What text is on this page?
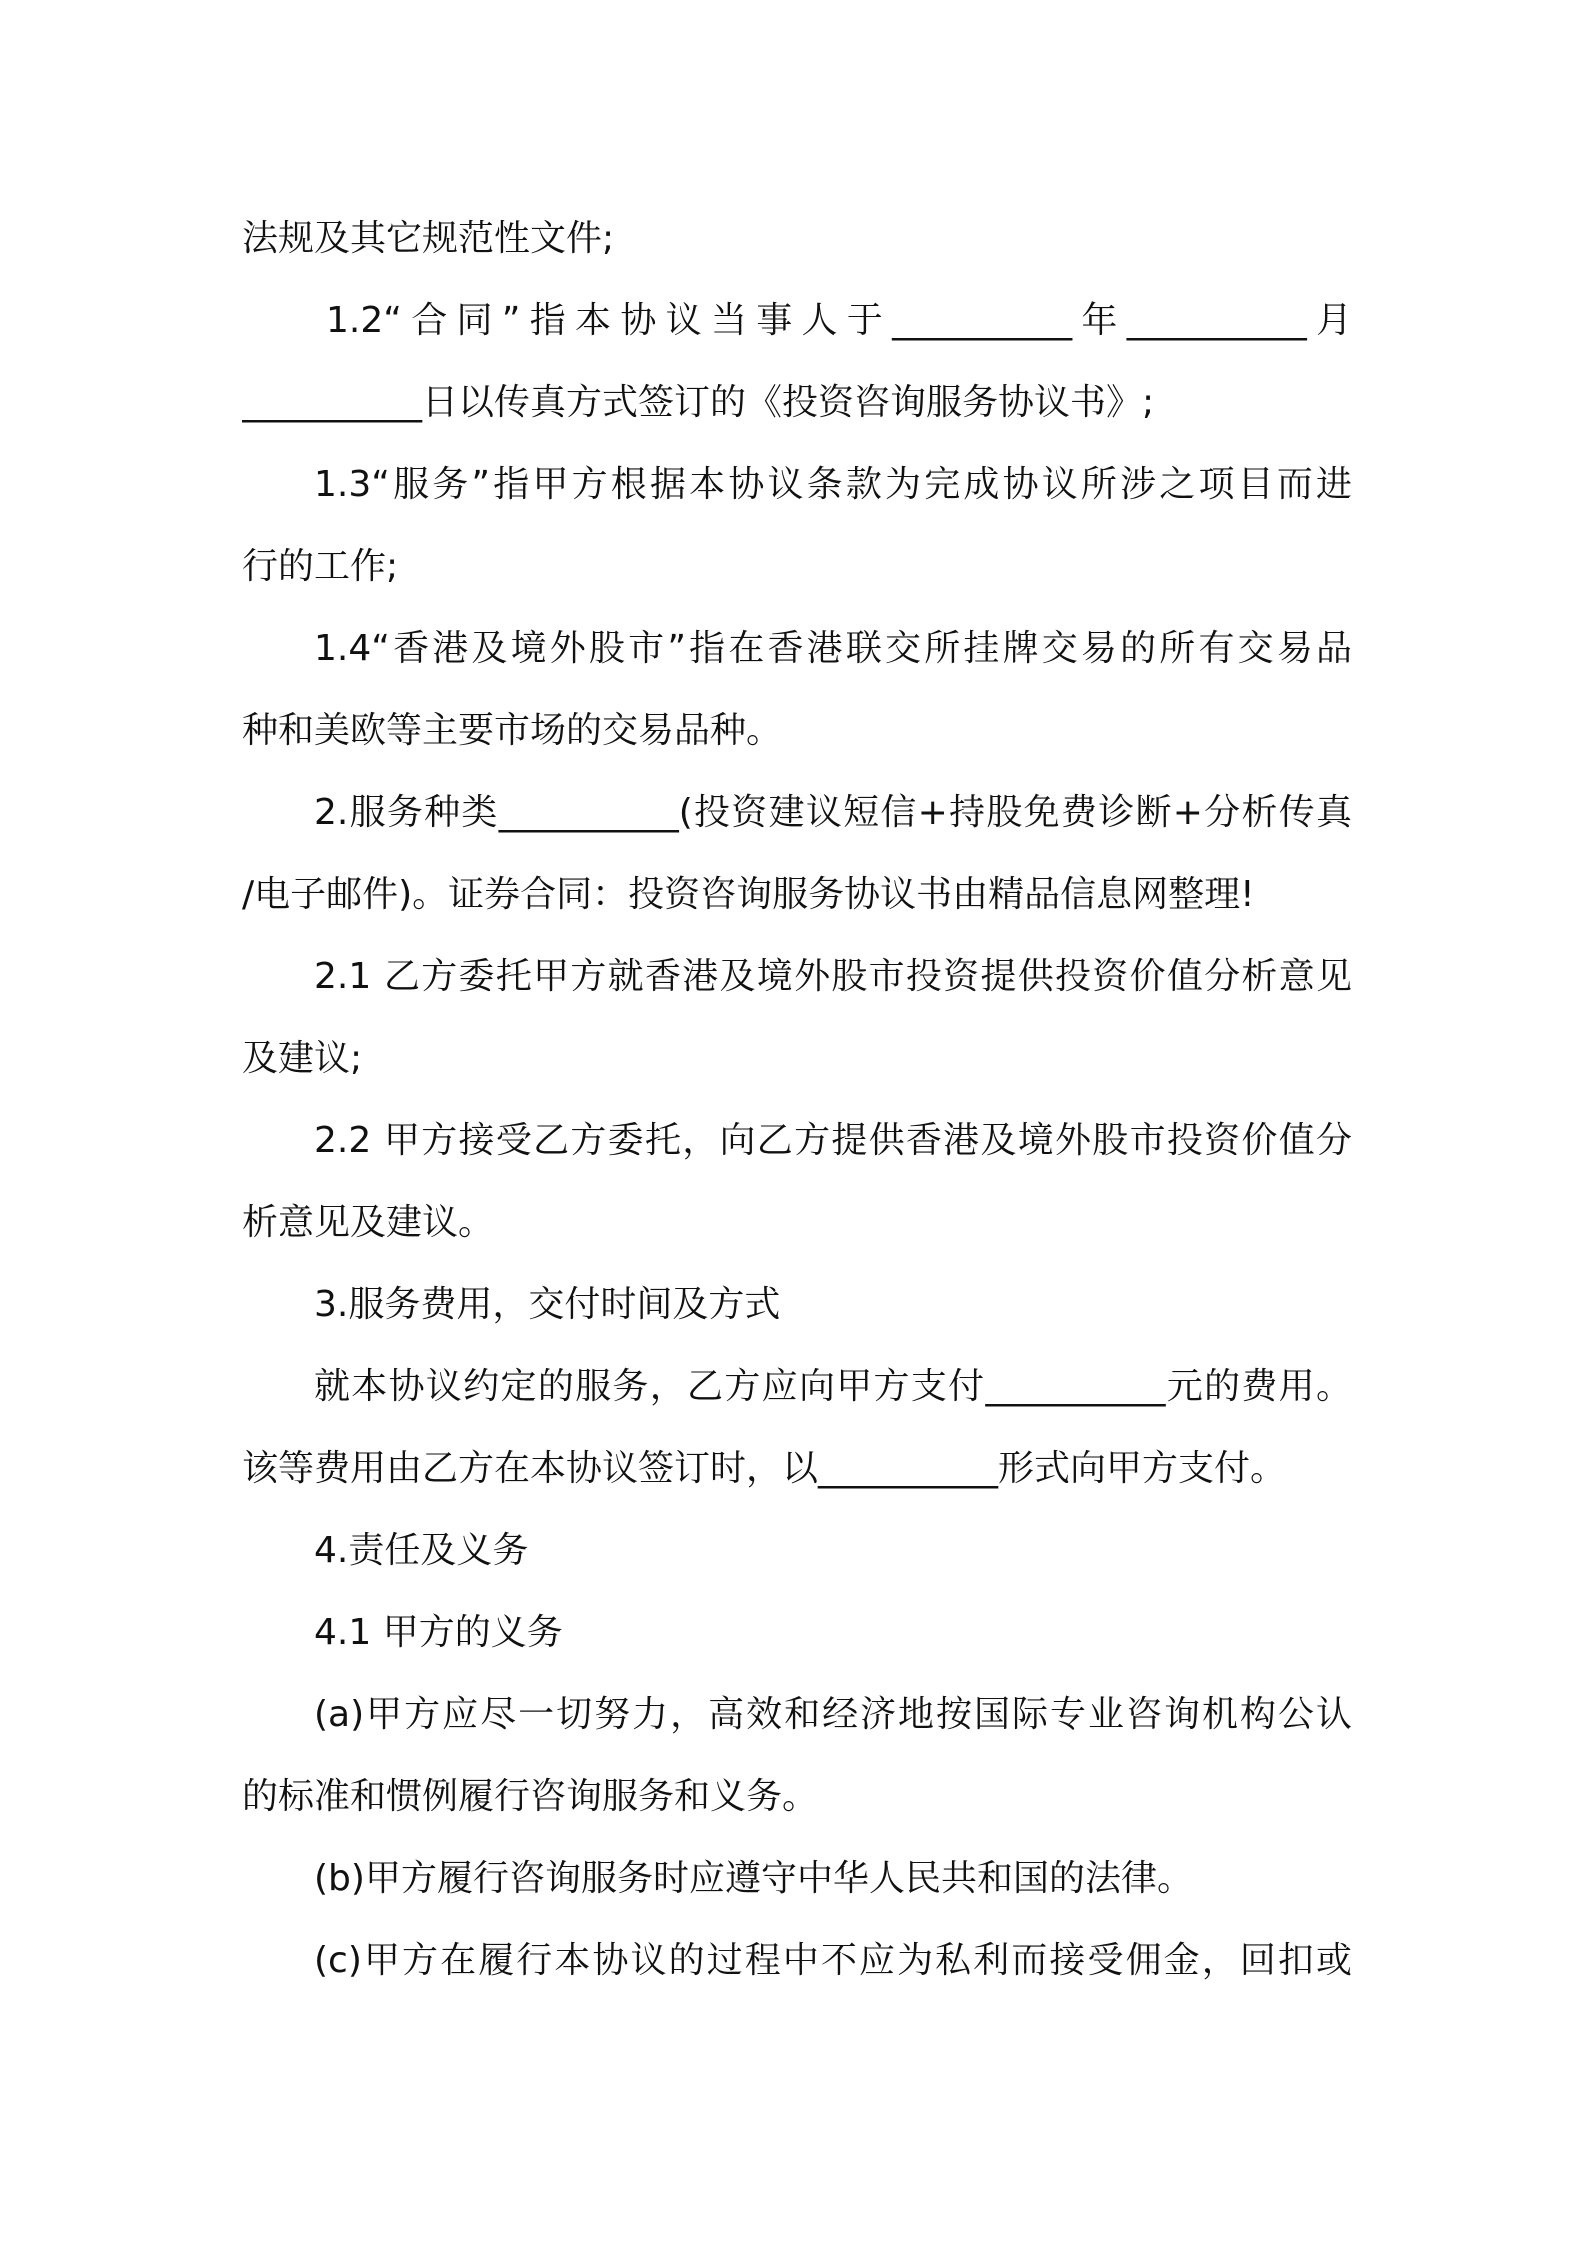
法规及其它规范性文件;

1.2“合同”指本协议当事人于__________年__________月

__________日以传真方式签订的《投资咨询服务协议书》;

1.3“服务”指甲方根据本协议条款为完成协议所涉之项目而进

行的工作;

1.4“香港及境外股市”指在香港联交所挂牌交易的所有交易品

种和美欧等主要市场的交易品种。

2.服务种类__________(投资建议短信+持股免费诊断+分析传真

/电子邮件)。证券合同：投资咨询服务协议书由精品信息网整理!

2.1 乙方委托甲方就香港及境外股市投资提供投资价值分析意见

及建议;

2.2 甲方接受乙方委托，向乙方提供香港及境外股市投资价值分

析意见及建议。

3.服务费用，交付时间及方式

就本协议约定的服务，乙方应向甲方支付__________元的费用。

该等费用由乙方在本协议签订时，以__________形式向甲方支付。

4.责任及义务

4.1 甲方的义务

(a)甲方应尽一切努力，高效和经济地按国际专业咨询机构公认

的标准和惯例履行咨询服务和义务。

(b)甲方履行咨询服务时应遵守中华人民共和国的法律。

(c)甲方在履行本协议的过程中不应为私利而接受佣金，回扣或
